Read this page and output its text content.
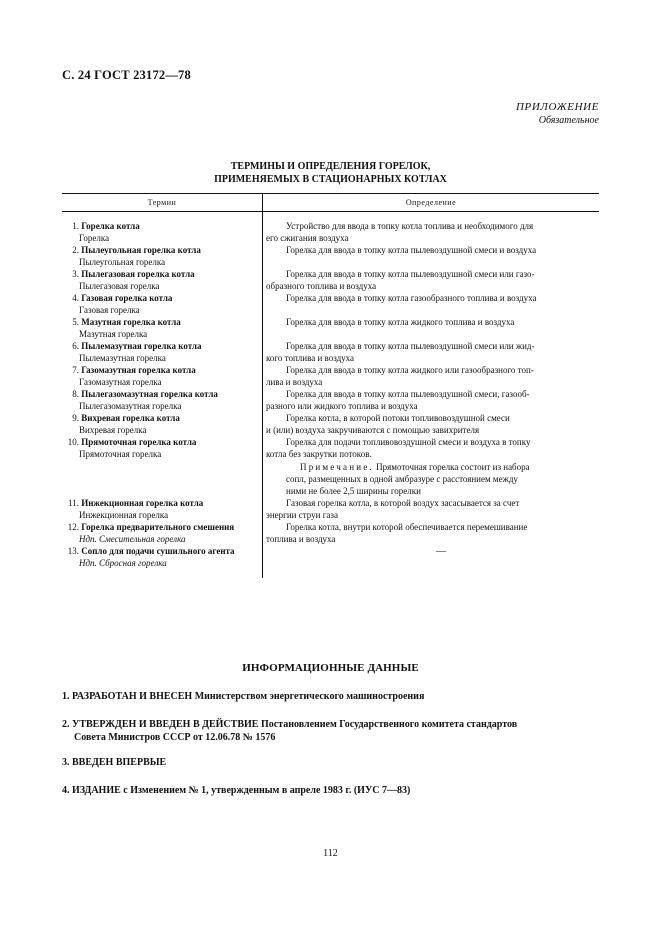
С. 24 ГОСТ 23172—78
ПРИЛОЖЕНИЕ
Обязательное
ТЕРМИНЫ И ОПРЕДЕЛЕНИЯ ГОРЕЛОК,
ПРИМЕНЯЕМЫХ В СТАЦИОНАРНЫХ КОТЛАХ
Термин	Определение
1. Горелка котла
Горелка
Устройство для ввода в топку котла топлива и необходимого для
его сжигания воздуха
2. Пылеугольная горелка котла
Пылеугольная горелка
Горелка для ввода в топку котла пылевоздушной смеси и воздуха
3. Пылегазовая горелка котла
Пылегазовая горелка
Горелка для ввода в топку котла пылевоздушной смеси или газо-
образного топлива и воздуха
4. Газовая горелка котла
Газовая горелка
Горелка для ввода в топку котла газообразного топлива и воздуха
5. Мазутная горелка котла
Мазутная горелка
Горелка для ввода в топку котла жидкого топлива и воздуха
6. Пылемазутная горелка котла
Пылемазутная горелка
Горелка для ввода в топку котла пылевоздушной смеси или жид-
кого топлива и воздуха
7. Газомазутная горелка котла
Газомазутная горелка
Горелка для ввода в топку котла жидкого или газообразного топ-
лива и воздуха
8. Пылегазомазутная горелка котла
Пылегазомазутная горелка
Горелка для ввода в топку котла пылевоздушной смеси, газооб-
разного или жидкого топлива и воздуха
9. Вихревая горелка котла
Вихревая горелка
Горелка котла, в которой потоки топливовоздушной смеси
и (или) воздуха закручиваются с помощью завихрителя
10. Прямоточная горелка котла
Прямоточная горелка
Горелка для подачи топливовоздушной смеси и воздуха в топку
котла без закрутки потоков.
Примечание. Прямоточная горелка состоит из набора
сопл, размещенных в одной амбразуре с расстоянием между
ними не более 2,5 ширины горелки
11. Инжекционная горелка котла
Инжекционная горелка
Газовая горелка котла, в которой воздух засасывается за счет
энергии струи газа
12. Горелка предварительного смешения
Ндп. Смесительная горелка
Горелка котла, внутри которой обеспечивается перемешивание
топлива и воздуха
13. Сопло для подачи сушильного агента
Ндп. Сбросная горелка
—
ИНФОРМАЦИОННЫЕ ДАННЫЕ
1. РАЗРАБОТАН И ВНЕСЕН Министерством энергетического машиностроения
2. УТВЕРЖДЕН И ВВЕДЕН В ДЕЙСТВИЕ Постановлением Государственного комитета стандартов
Совета Министров СССР от 12.06.78 № 1576
3. ВВЕДЕН ВПЕРВЫЕ
4. ИЗДАНИЕ с Изменением № 1, утвержденным в апреле 1983 г. (ИУС 7—83)
112
